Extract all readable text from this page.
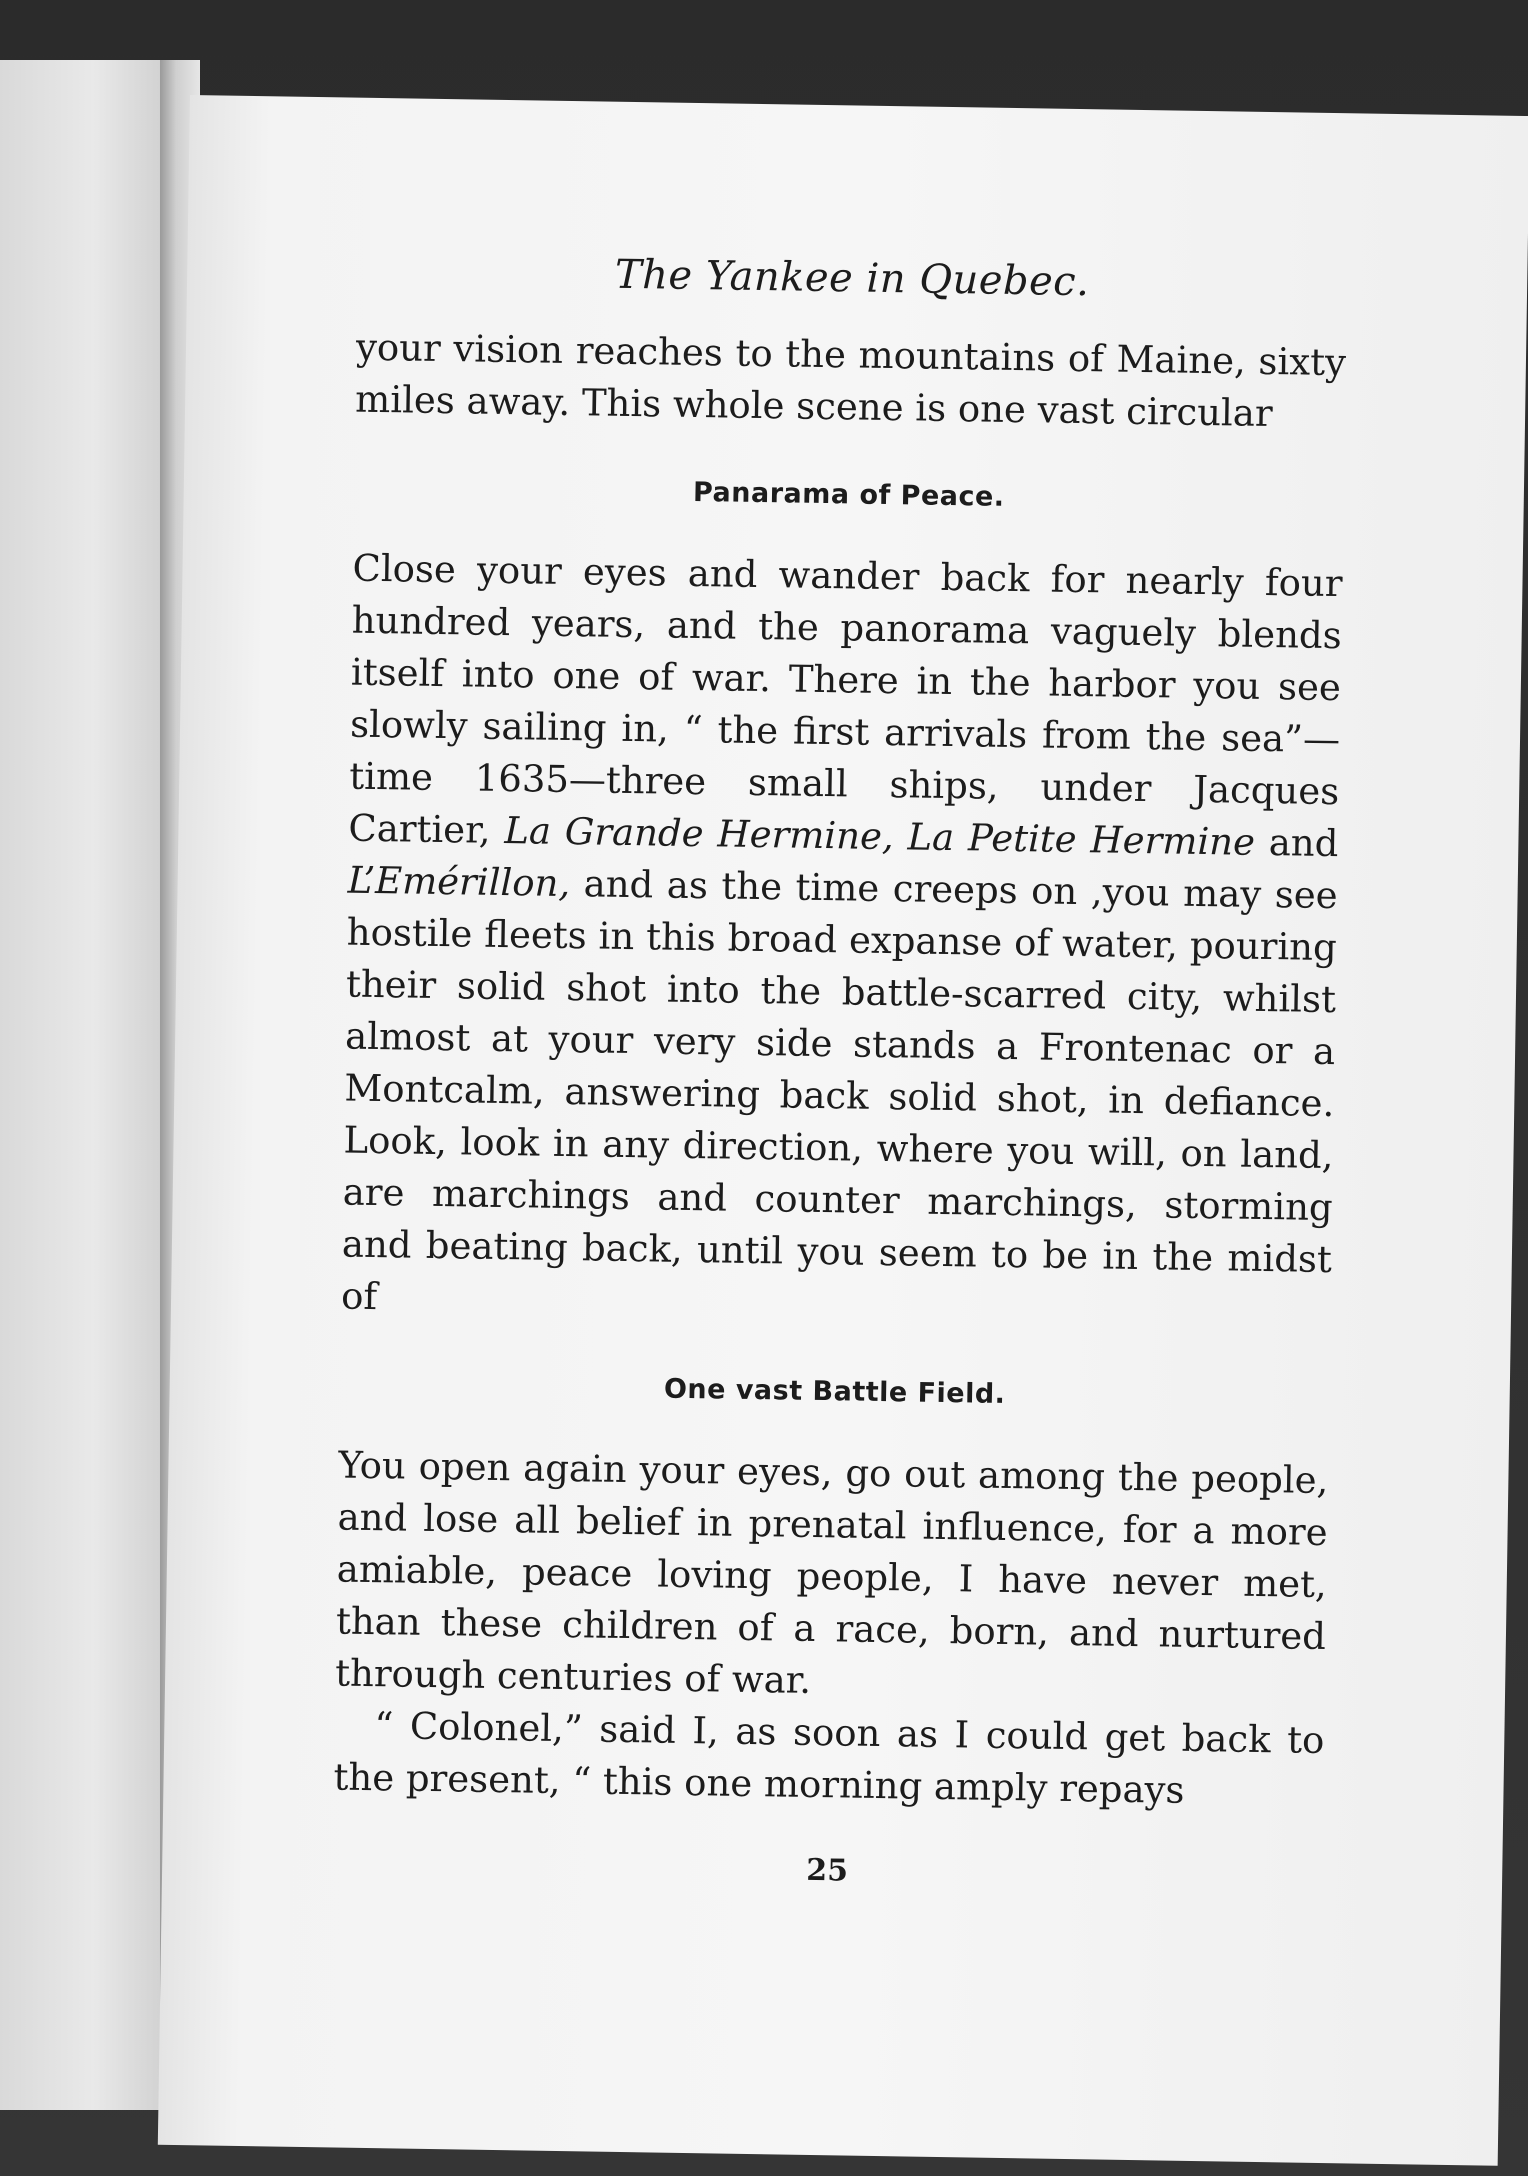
The Yankee in Quebec.

your vision reaches to the mountains of Maine, sixty miles away. This whole scene is one vast circular

Panarama of Peace.

Close your eyes and wander back for nearly four hundred years, and the panorama vaguely blends itself into one of war. There in the harbor you see slowly sailing in, “ the first arrivals from the sea”—time 1635—three small ships, under Jacques Cartier, La Grande Hermine, La Petite Hermine and L’Emérillon, and as the time creeps on ,you may see hostile fleets in this broad expanse of water, pouring their solid shot into the battle-scarred city, whilst almost at your very side stands a Frontenac or a Montcalm, answering back solid shot, in defiance. Look, look in any direction, where you will, on land, are marchings and counter marchings, storming and beating back, until you seem to be in the midst of

One vast Battle Field.

You open again your eyes, go out among the people, and lose all belief in prenatal influence, for a more amiable, peace loving people, I have never met, than these children of a race, born, and nurtured through centuries of war.

“ Colonel,” said I, as soon as I could get back to the present, “ this one morning amply repays

25
